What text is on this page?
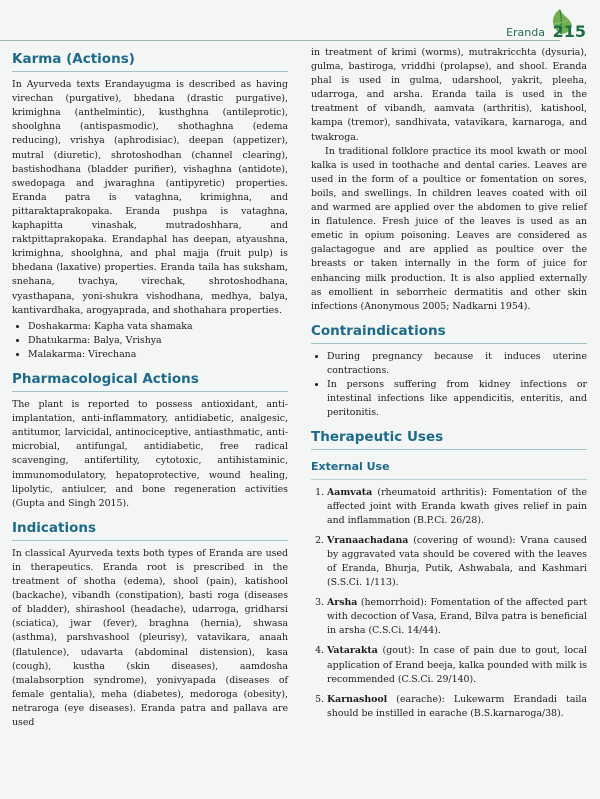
Eranda 215
Karma (Actions)

In Ayurveda texts Erandayugma is described as having virechan (purgative), bhedana (drastic purgative), krimighna (anthelmintic), kusthghna (antileprotic), shoolghna (antispasmodic), shothaghna (edema reducing), vrishya (aphrodisiac), deepan (appetizer), mutral (diuretic), shrotoshodhan (channel clearing), bastishodhana (bladder purifier), vishaghna (antidote), swedopaga and jwaraghna (antipyretic) properties. Eranda patra is vataghna, krimighna, and pittaraktaprakopaka. Eranda pushpa is vataghna, kaphapitta vinashak, mutradoshhara, and raktpittaprakopaka. Erandaphal has deepan, atyaushna, krimighna, shoolghna, and phal majja (fruit pulp) is bhedana (laxative) properties. Eranda taila has suksham, snehana, tvachya, virechak, shrotoshodhana, vyasthapana, yoni-shukra vishodhana, medhya, balya, kantivardhaka, arogyaprada, and shothahara properties.

• Doshakarma: Kapha vata shamaka
• Dhatukarma: Balya, Vrishya
• Malakarma: Virechana
Pharmacological Actions

The plant is reported to possess antioxidant, anti-implantation, anti-inflammatory, antidiabetic, analgesic, antitumor, larvicidal, antinociceptive, antiasthmatic, anti-microbial, antifungal, antidiabetic, free radical scavenging, antifertility, cytotoxic, antihistaminic, immunomodulatory, hepatoprotective, wound healing, lipolytic, antiulcer, and bone regeneration activities (Gupta and Singh 2015).

Indications

In classical Ayurveda texts both types of Eranda are used in therapeutics. Eranda root is prescribed in the treatment of shotha (edema), shool (pain), katishool (backache), vibandh (constipation), basti roga (diseases of bladder), shirashool (headache), udarroga, gridharsi (sciatica), jwar (fever), braghna (hernia), shwasa (asthma), parshvashool (pleurisy), vatavikara, anaah (flatulence), udavarta (abdominal distension), kasa (cough), kustha (skin diseases), aamdosha (malabsorption syndrome), yonivyapada (diseases of female gentalia), meha (diabetes), medoroga (obesity), netraroga (eye diseases). Eranda patra and pallava are used

in treatment of krimi (worms), mutrakricchta (dysuria), gulma, bastiroga, vriddhi (prolapse), and shool. Eranda phal is used in gulma, udarshool, yakrit, pleeha, udarroga, and arsha. Eranda taila is used in the treatment of vibandh, aamvata (arthritis), katishool, kampa (tremor), sandhivata, vatavikara, karnaroga, and twakroga.

In traditional folklore practice its mool kwath or mool kalka is used in toothache and dental caries. Leaves are used in the form of a poultice or fomentation on sores, boils, and swellings. In children leaves coated with oil and warmed are applied over the abdomen to give relief in flatulence. Fresh juice of the leaves is used as an emetic in opium poisoning. Leaves are considered as galactagogue and are applied as poultice over the breasts or taken internally in the form of juice for enhancing milk production. It is also applied externally as emollient in seborrheic dermatitis and other skin infections (Anonymous 2005; Nadkarni 1954).

Contraindications
• During pregnancy because it induces uterine contractions.
• In persons suffering from kidney infections or intestinal infections like appendicitis, enteritis, and peritonitis.
Therapeutic Uses
External Use
1. Aamvata (rheumatoid arthritis): Fomentation of the affected joint with Eranda kwath gives relief in pain and inflammation (B.P.Ci. 26/28).
2. Vranaachadana (covering of wound): Vrana caused by aggravated vata should be covered with the leaves of Eranda, Bhurja, Putik, Ashwabala, and Kashmari (S.S.Ci. 1/113).
3. Arsha (hemorrhoid): Fomentation of the affected part with decoction of Vasa, Erand, Bilva patra is beneficial in arsha (C.S.Ci. 14/44).
4. Vatarakta (gout): In case of pain due to gout, local application of Erand beeja, kalka pounded with milk is recommended (C.S.Ci. 29/140).
5. Karnashool (earache): Lukewarm Erandadi taila should be instilled in earache (B.S.karnaroga/38).
